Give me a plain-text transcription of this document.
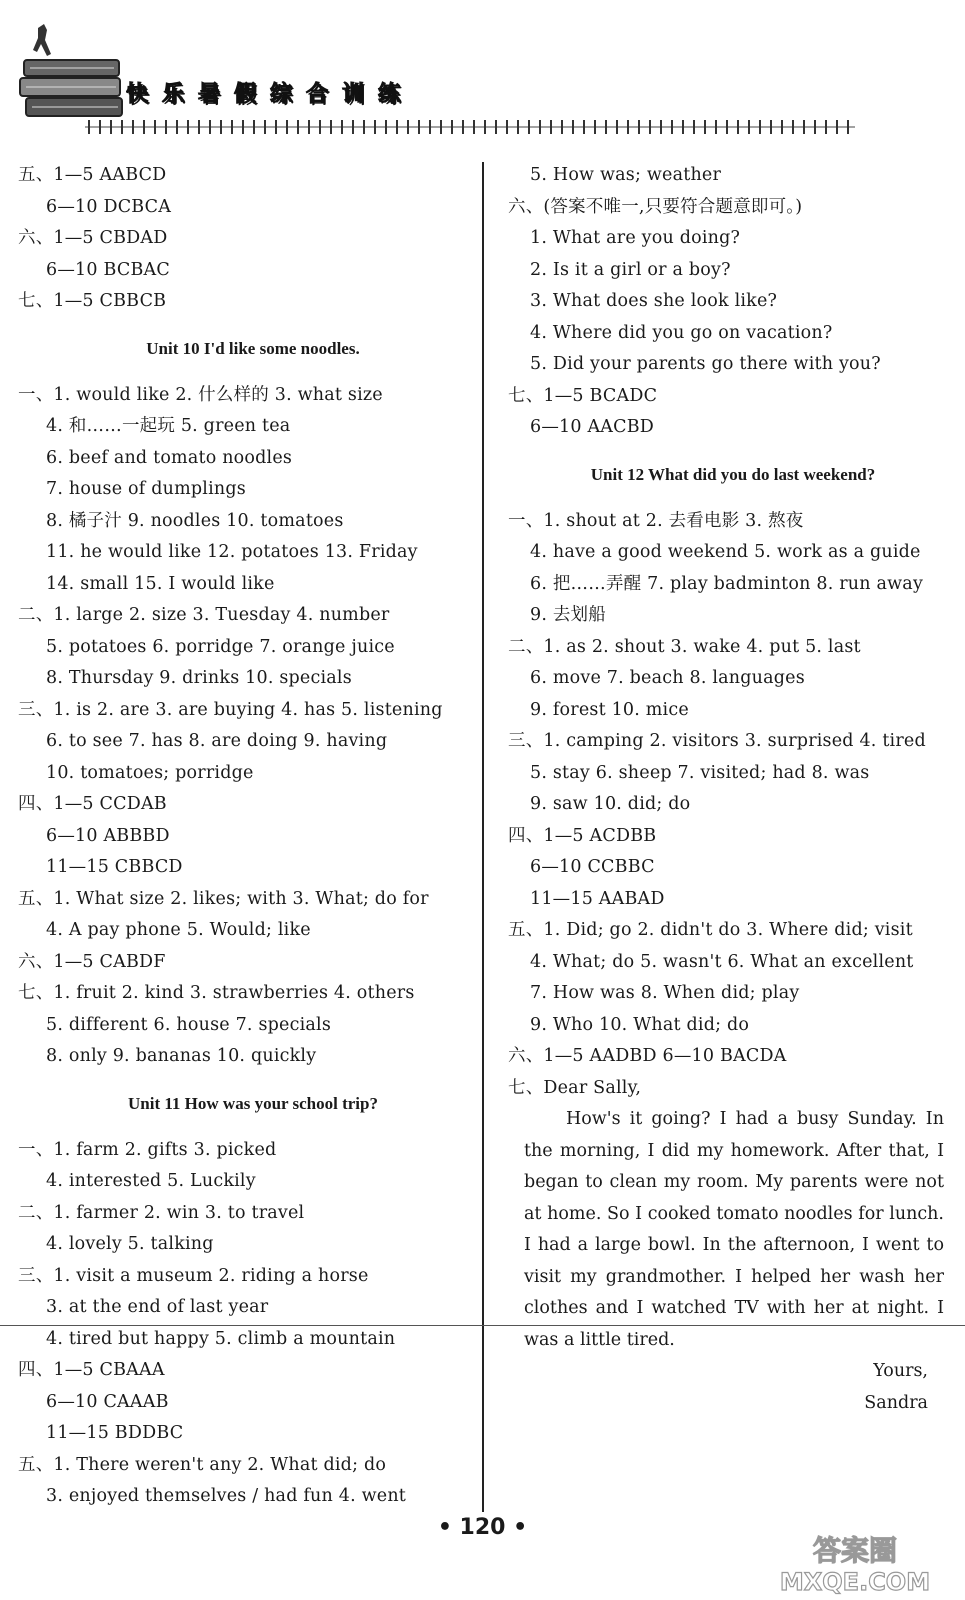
快 乐 暑 假 综 合 训 练
五、1—5 AABCD
6—10 DCBCA
六、1—5 CBDAD
6—10 BCBAC
七、1—5 CBBCB
Unit 10 I'd like some noodles.
一、1. would like 2. 什么样的 3. what size
4. 和……一起玩 5. green tea
6. beef and tomato noodles
7. house of dumplings
8. 橘子汁 9. noodles 10. tomatoes
11. he would like 12. potatoes 13. Friday
14. small 15. I would like
二、1. large 2. size 3. Tuesday 4. number
5. potatoes 6. porridge 7. orange juice
8. Thursday 9. drinks 10. specials
三、1. is 2. are 3. are buying 4. has 5. listening
6. to see 7. has 8. are doing 9. having
10. tomatoes; porridge
四、1—5 CCDAB
6—10 ABBBD
11—15 CBBCD
五、1. What size 2. likes; with 3. What; do for
4. A pay phone 5. Would; like
六、1—5 CABDF
七、1. fruit 2. kind 3. strawberries 4. others
5. different 6. house 7. specials
8. only 9. bananas 10. quickly
Unit 11 How was your school trip?
一、1. farm 2. gifts 3. picked
4. interested 5. Luckily
二、1. farmer 2. win 3. to travel
4. lovely 5. talking
三、1. visit a museum 2. riding a horse
3. at the end of last year
4. tired but happy 5. climb a mountain
四、1—5 CBAAA
6—10 CAAAB
11—15 BDDBC
五、1. There weren't any 2. What did; do
3. enjoyed themselves / had fun 4. went
5. How was; weather
六、(答案不唯一,只要符合题意即可。)
1. What are you doing?
2. Is it a girl or a boy?
3. What does she look like?
4. Where did you go on vacation?
5. Did your parents go there with you?
七、1—5 BCADC
6—10 AACBD
Unit 12 What did you do last weekend?
一、1. shout at 2. 去看电影 3. 熬夜
4. have a good weekend 5. work as a guide
6. 把……弄醒 7. play badminton 8. run away
9. 去划船
二、1. as 2. shout 3. wake 4. put 5. last
6. move 7. beach 8. languages
9. forest 10. mice
三、1. camping 2. visitors 3. surprised 4. tired
5. stay 6. sheep 7. visited; had 8. was
9. saw 10. did; do
四、1—5 ACDBB
6—10 CCBBC
11—15 AABAD
五、1. Did; go 2. didn't do 3. Where did; visit
4. What; do 5. wasn't 6. What an excellent
7. How was 8. When did; play
9. Who 10. What did; do
六、1—5 AADBD 6—10 BACDA
七、Dear Sally,
How's it going? I had a busy Sunday. In the morning, I did my homework. After that, I began to clean my room. My parents were not at home. So I cooked tomato noodles for lunch. I had a large bowl. In the afternoon, I went to visit my grandmother. I helped her wash her clothes and I watched TV with her at night. I was a little tired.
Yours,
Sandra
• 120 •
答案圈
MXQE.COM
